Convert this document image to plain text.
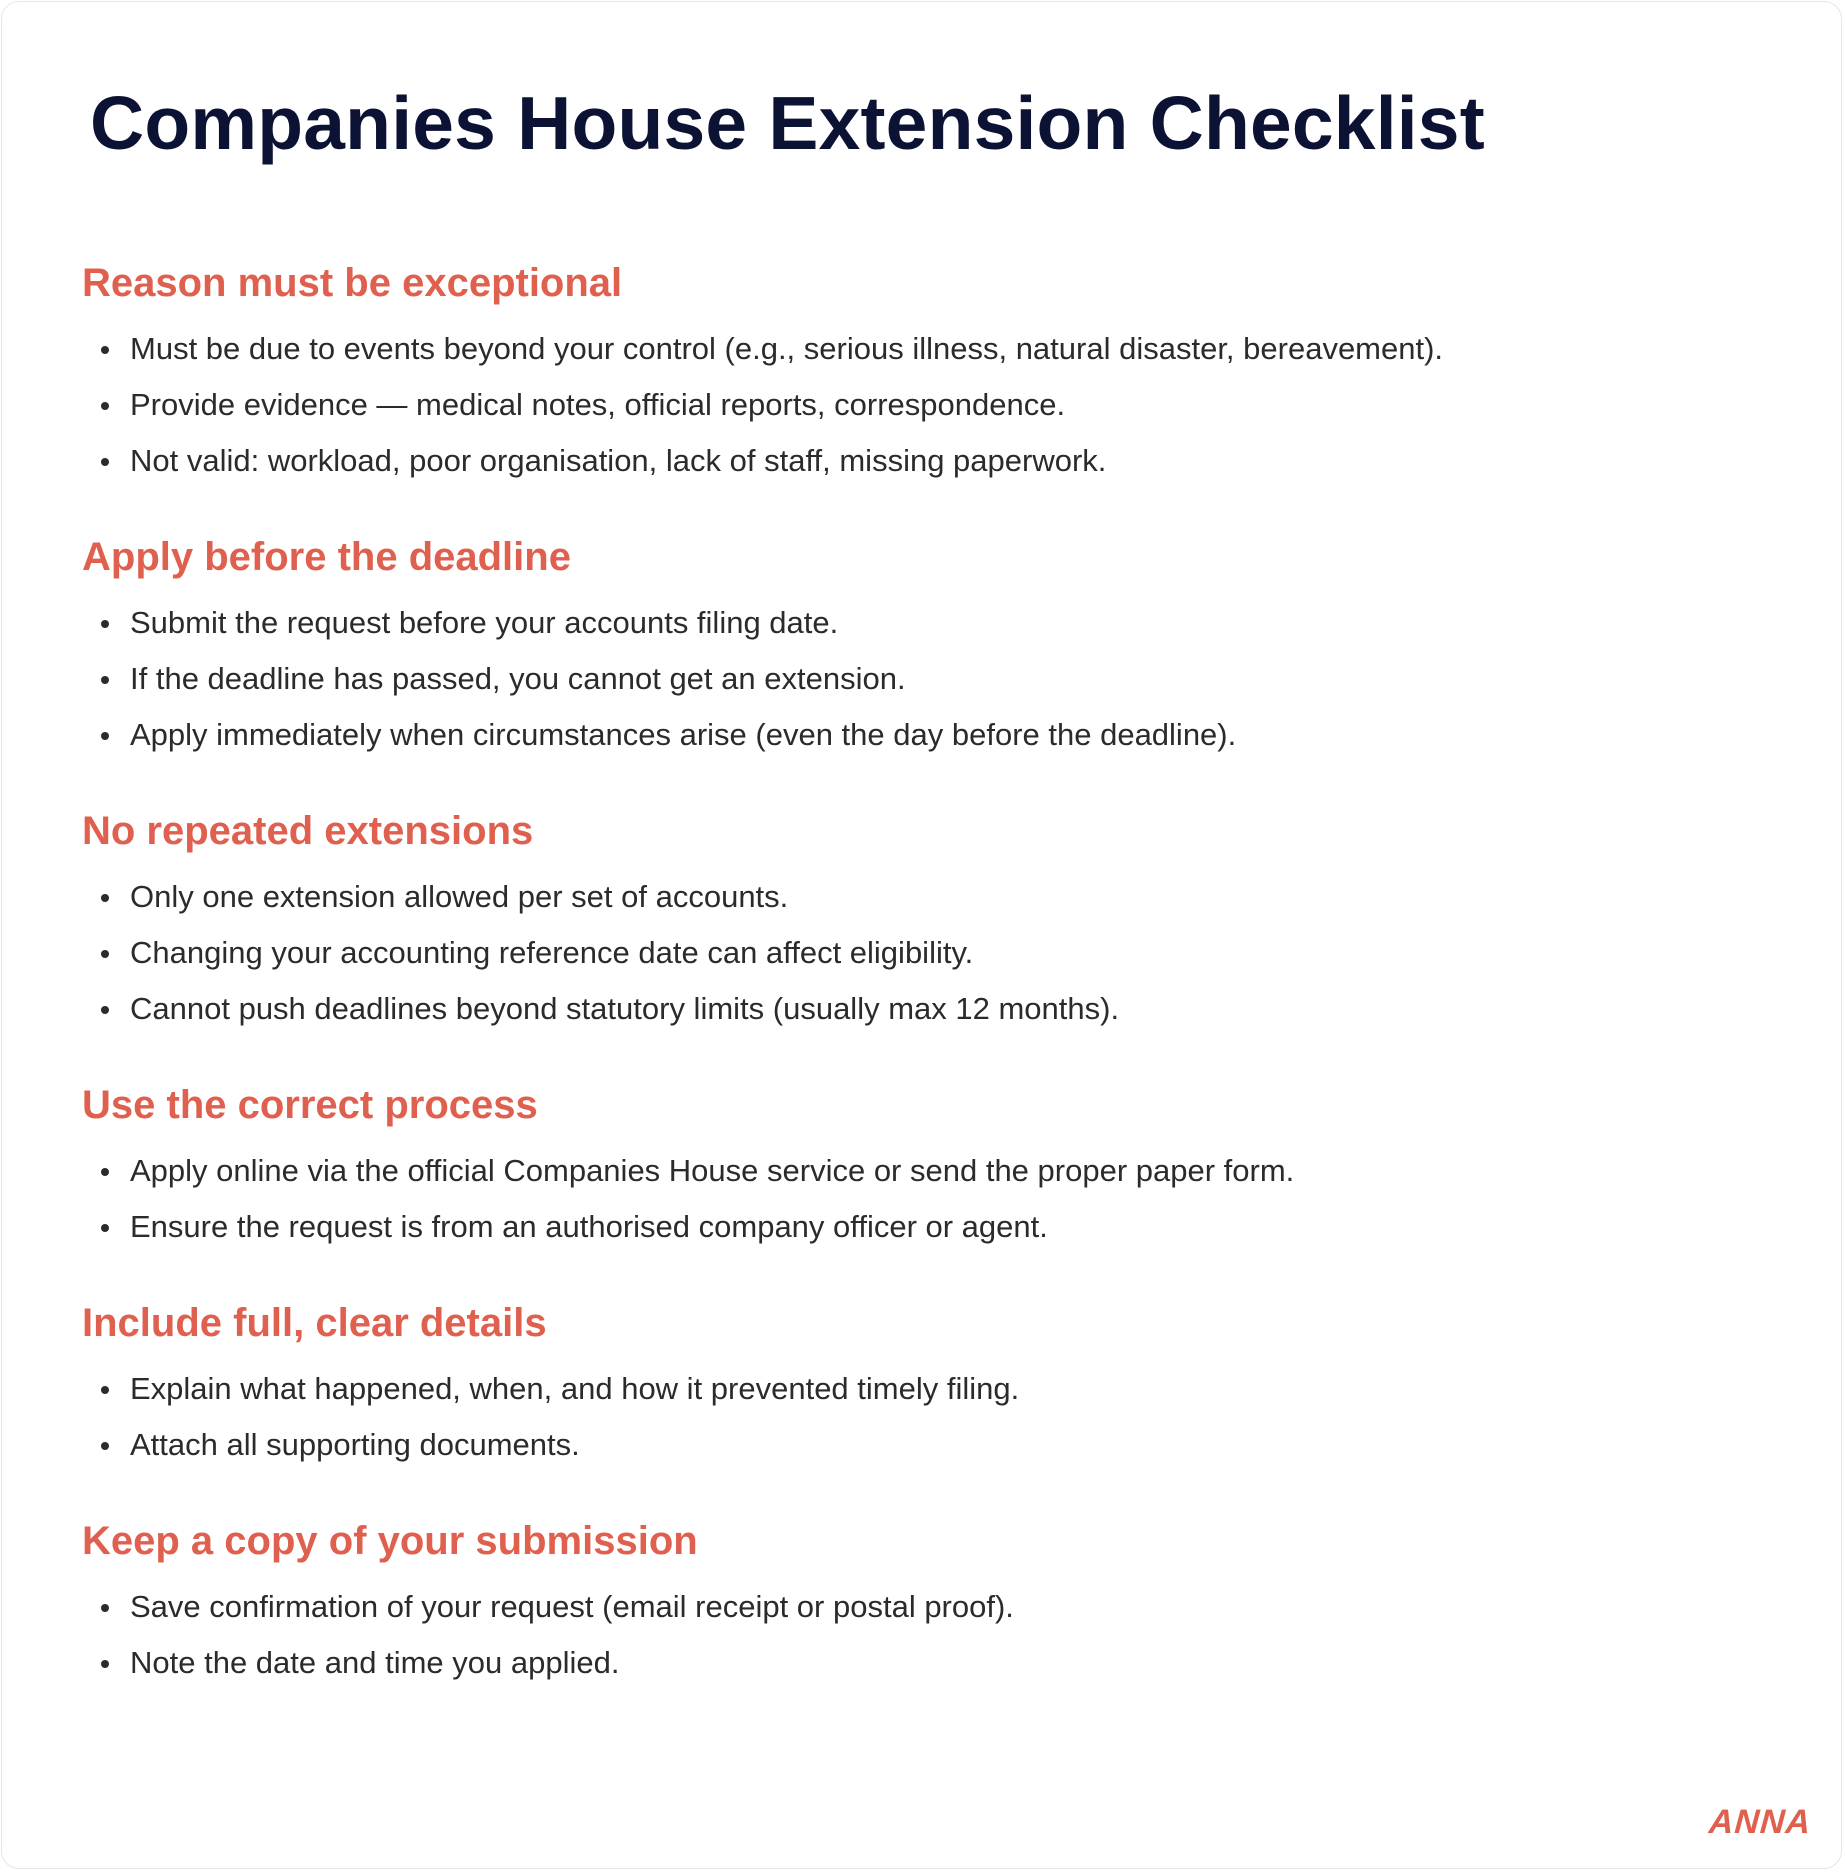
Companies House Extension Checklist
Reason must be exceptional
Must be due to events beyond your control (e.g., serious illness, natural disaster, bereavement).
Provide evidence — medical notes, official reports, correspondence.
Not valid: workload, poor organisation, lack of staff, missing paperwork.
Apply before the deadline
Submit the request before your accounts filing date.
If the deadline has passed, you cannot get an extension.
Apply immediately when circumstances arise (even the day before the deadline).
No repeated extensions
Only one extension allowed per set of accounts.
Changing your accounting reference date can affect eligibility.
Cannot push deadlines beyond statutory limits (usually max 12 months).
Use the correct process
Apply online via the official Companies House service or send the proper paper form.
Ensure the request is from an authorised company officer or agent.
Include full, clear details
Explain what happened, when, and how it prevented timely filing.
Attach all supporting documents.
Keep a copy of your submission
Save confirmation of your request (email receipt or postal proof).
Note the date and time you applied.
ANNA
